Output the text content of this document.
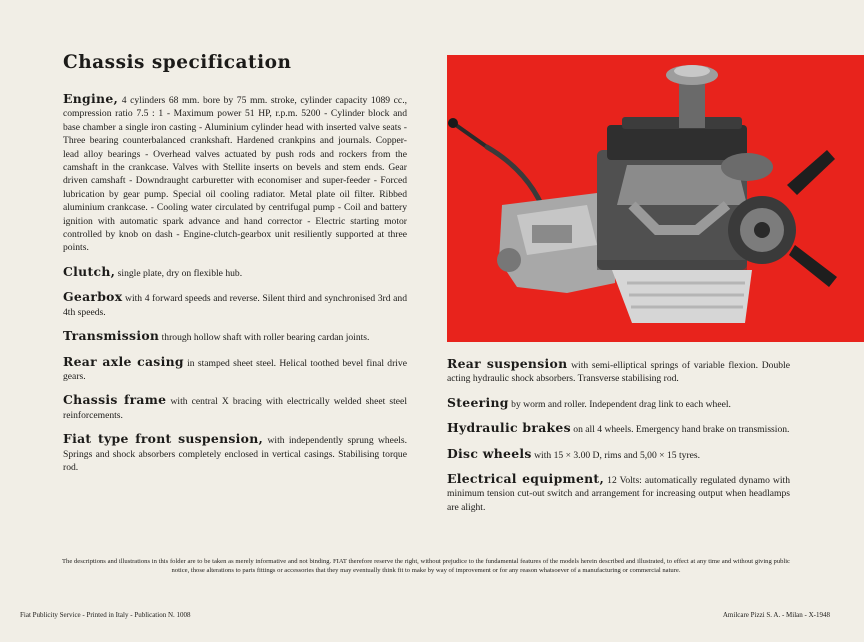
Chassis specification

Engine, 4 cylinders 68 mm. bore by 75 mm. stroke, cylinder capacity 1089 cc., compression ratio 7.5 : 1 - Maximum power 51 HP, r.p.m. 5200 - Cylinder block and base chamber a single iron casting - Aluminium cylinder head with inserted valve seats - Three bearing counterbalanced crankshaft. Hardened crankpins and journals. Copper-lead alloy bearings - Overhead valves actuated by push rods and rockers from the camshaft in the crankcase. Valves with Stellite inserts on bevels and stem ends. Gear driven camshaft - Downdraught carburetter with economiser and super-feeder - Forced lubrication by gear pump. Special oil cooling radiator. Metal plate oil filter. Ribbed aluminium crankcase. - Cooling water circulated by centrifugal pump - Coil and battery ignition with automatic spark advance and hand corrector - Electric starting motor controlled by knob on dash - Engine-clutch-gearbox unit resiliently supported at three points.

Clutch, single plate, dry on flexible hub.

Gearbox with 4 forward speeds and reverse. Silent third and synchronised 3rd and 4th speeds.

Transmission through hollow shaft with roller bearing cardan joints.

Rear axle casing in stamped sheet steel. Helical toothed bevel final drive gears.

Chassis frame with central X bracing with electrically welded sheet steel reinforcements.

Fiat type front suspension, with independently sprung wheels. Springs and shock absorbers completely enclosed in vertical casings. Stabilising torque rod.

Rear suspension with semi-elliptical springs of variable flexion. Double acting hydraulic shock absorbers. Transverse stabilising rod.

Steering by worm and roller. Independent drag link to each wheel.

Hydraulic brakes on all 4 wheels. Emergency hand brake on transmission.

Disc wheels with 15 × 3.00 D, rims and 5,00 × 15 tyres.

Electrical equipment, 12 Volts: automatically regulated dynamo with minimum tension cut-out switch and arrangement for increasing output when headlamps are alight.

The descriptions and illustrations in this folder are to be taken as merely informative and not binding. FIAT therefore reserve the right, without prejudice to the fundamental features of the models herein described and illustrated, to effect at any time and without giving public notice, those alterations to parts fittings or accessories that they may eventually think fit to make by way of improvement or for any reason whatsoever of a manufacturing or commercial nature.

Fiat Publicity Service - Printed in Italy - Publication N. 1008	Amilcare Pizzi S. A. - Milan - X-1948
